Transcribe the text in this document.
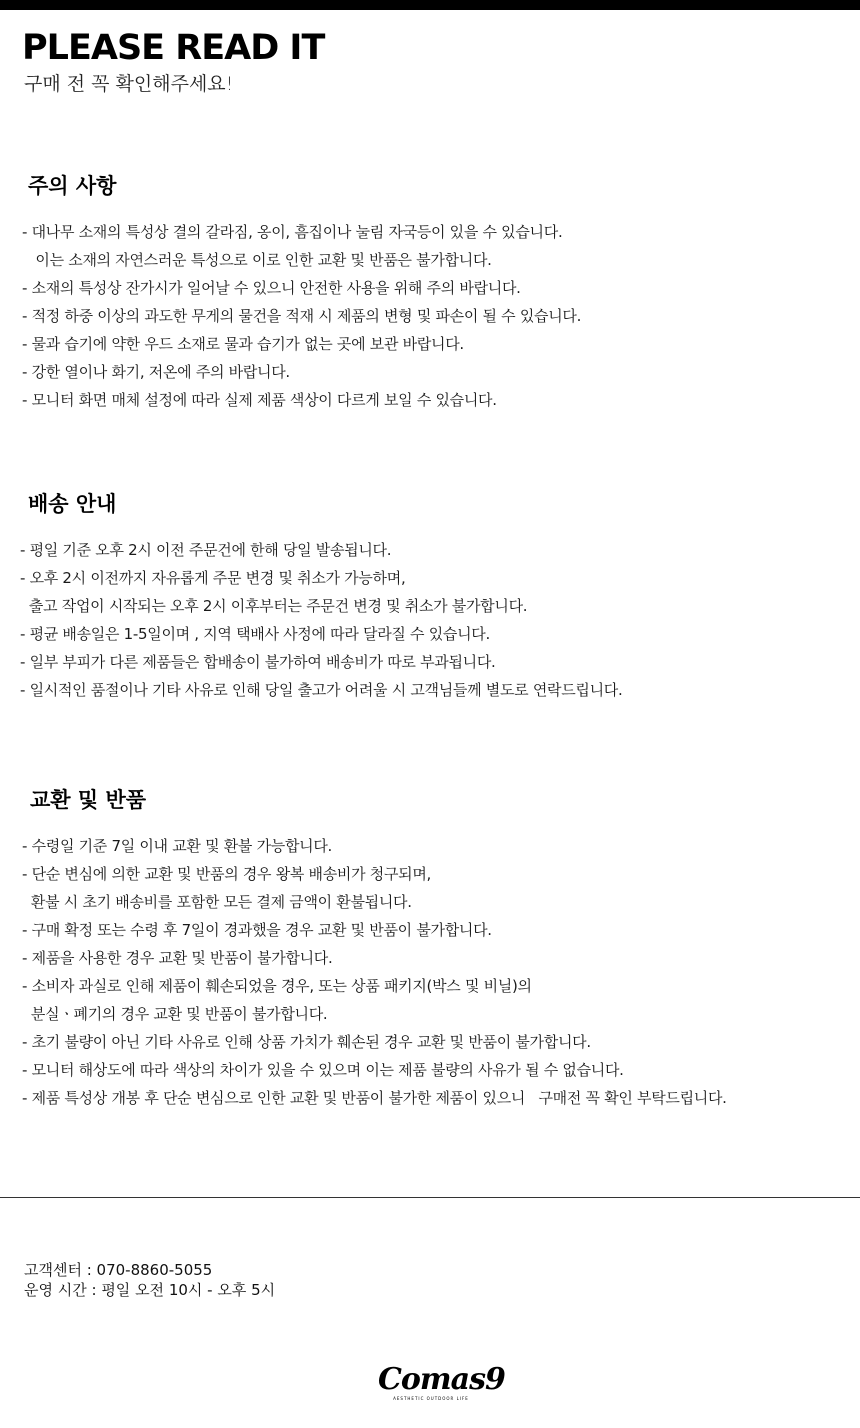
PLEASE READ IT

구매 전 꼭 확인해주세요!

주의 사항
- 대나무 소재의 특성상 결의 갈라짐, 옹이, 흠집이나 눌림 자국등이 있을 수 있습니다.
이는 소재의 자연스러운 특성으로 이로 인한 교환 및 반품은 불가합니다.
- 소재의 특성상 잔가시가 일어날 수 있으니 안전한 사용을 위해 주의 바랍니다.
- 적정 하중 이상의 과도한 무게의 물건을 적재 시 제품의 변형 및 파손이 될 수 있습니다.
- 물과 습기에 약한 우드 소재로 물과 습기가 없는 곳에 보관 바랍니다.
- 강한 열이나 화기, 저온에 주의 바랍니다.
- 모니터 화면 매체 설정에 따라 실제 제품 색상이 다르게 보일 수 있습니다.
배송 안내
- 평일 기준 오후 2시 이전 주문건에 한해 당일 발송됩니다.
- 오후 2시 이전까지 자유롭게 주문 변경 및 취소가 가능하며,
출고 작업이 시작되는 오후 2시 이후부터는 주문건 변경 및 취소가 불가합니다.
- 평균 배송일은 1-5일이며 , 지역 택배사 사정에 따라 달라질 수 있습니다.
- 일부 부피가 다른 제품들은 합배송이 불가하여 배송비가 따로 부과됩니다.
- 일시적인 품절이나 기타 사유로 인해 당일 출고가 어려울 시 고객님들께 별도로 연락드립니다.
교환 및 반품
- 수령일 기준 7일 이내 교환 및 환불 가능합니다.
- 단순 변심에 의한 교환 및 반품의 경우 왕복 배송비가 청구되며,
환불 시 초기 배송비를 포함한 모든 결제 금액이 환불됩니다.
- 구매 확정 또는 수령 후 7일이 경과했을 경우 교환 및 반품이 불가합니다.
- 제품을 사용한 경우 교환 및 반품이 불가합니다.
- 소비자 과실로 인해 제품이 훼손되었을 경우, 또는 상품 패키지(박스 및 비닐)의
분실ㆍ폐기의 경우 교환 및 반품이 불가합니다.
- 초기 불량이 아닌 기타 사유로 인해 상품 가치가 훼손된 경우 교환 및 반품이 불가합니다.
- 모니터 해상도에 따라 색상의 차이가 있을 수 있으며 이는 제품 불량의 사유가 될 수 없습니다.
- 제품 특성상 개봉 후 단순 변심으로 인한 교환 및 반품이 불가한 제품이 있으니   구매전 꼭 확인 부탁드립니다.
고객센터 : 070-8860-5055
운영 시간 : 평일 오전 10시 - 오후 5시
Comas9
AESTHETIC OUTDOOR LIFE
